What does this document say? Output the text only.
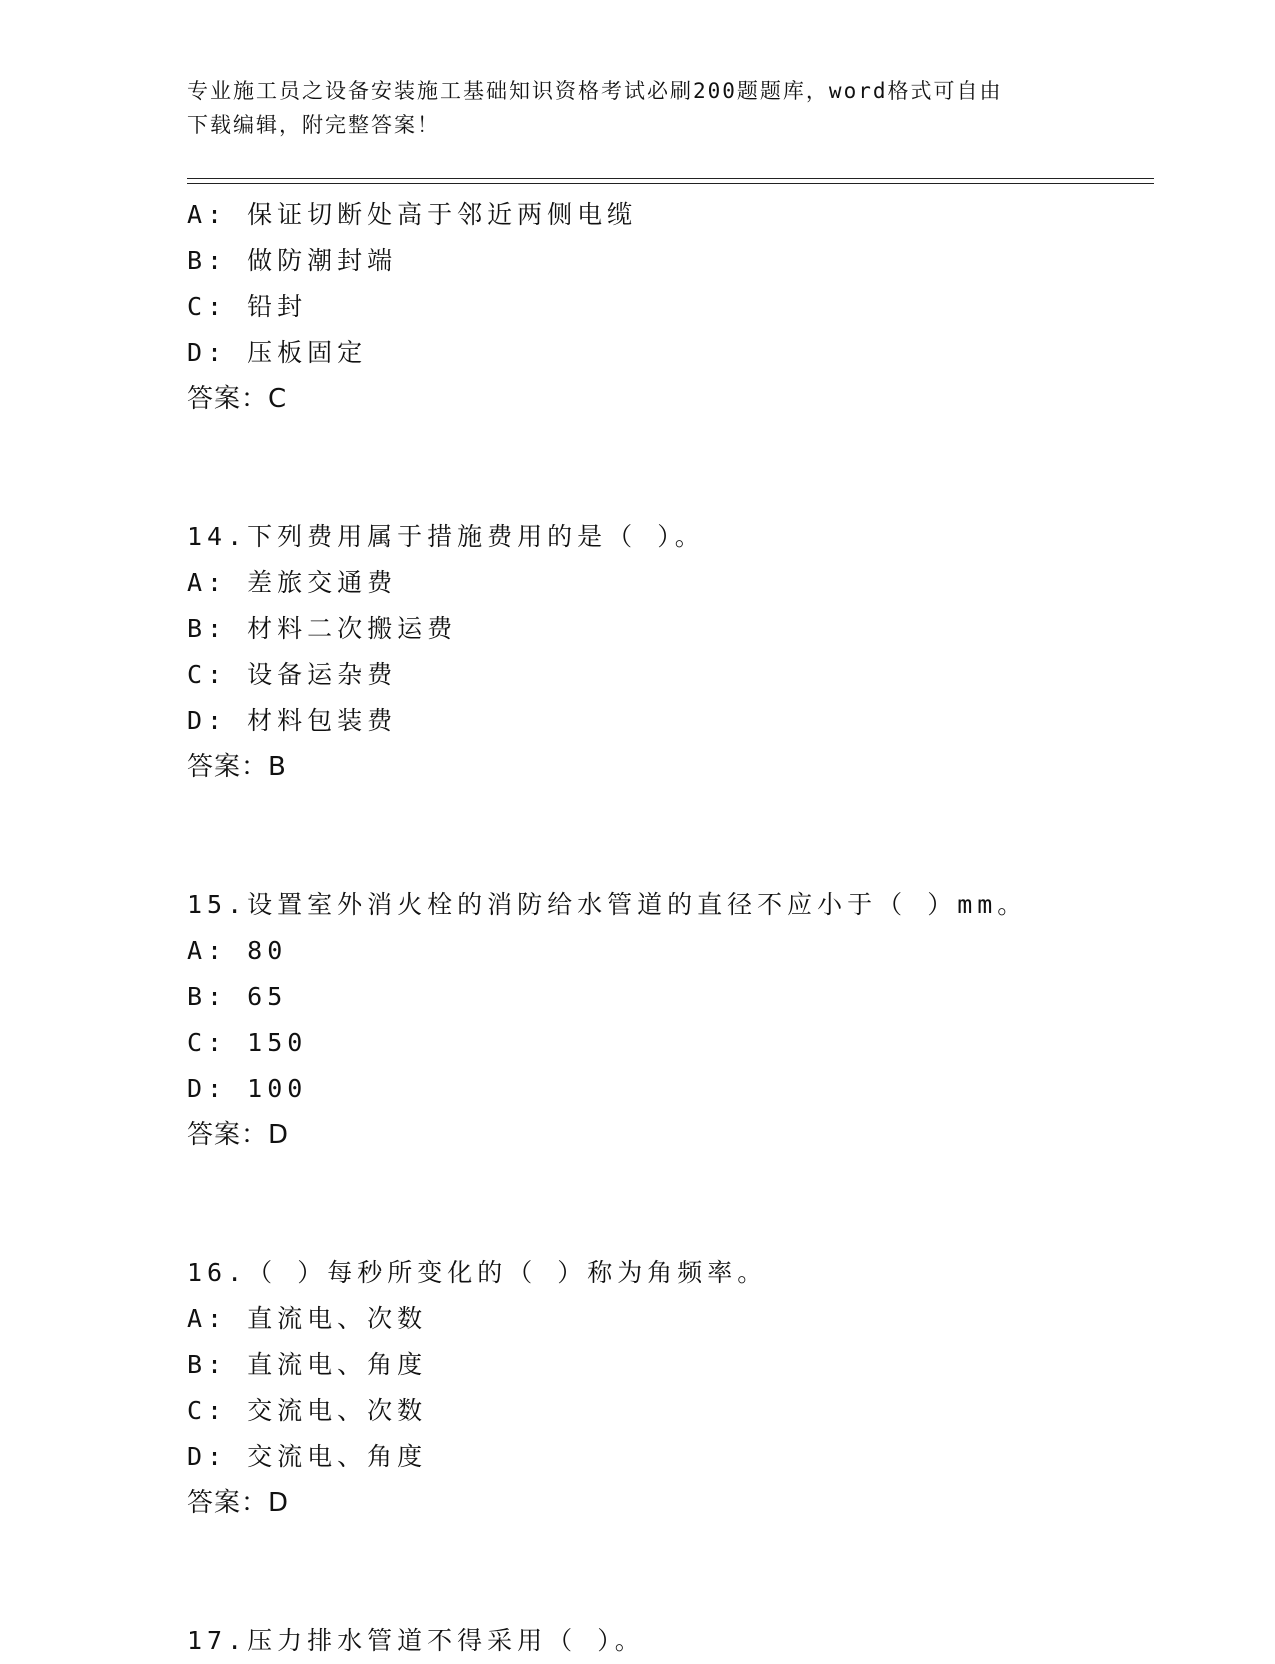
专业施工员之设备安装施工基础知识资格考试必刷200题题库，word格式可自由
下载编辑，附完整答案！
A: 保证切断处高于邻近两侧电缆
B: 做防潮封端
C: 铅封
D: 压板固定
答案：C
14.下列费用属于措施费用的是（ ）。
A: 差旅交通费
B: 材料二次搬运费
C: 设备运杂费
D: 材料包装费
答案：B
15.设置室外消火栓的消防给水管道的直径不应小于（ ）mm。
A: 80
B: 65
C: 150
D: 100
答案：D
16.（ ）每秒所变化的（ ）称为角频率。
A: 直流电、次数
B: 直流电、角度
C: 交流电、次数
D: 交流电、角度
答案：D
17.压力排水管道不得采用（ ）。
